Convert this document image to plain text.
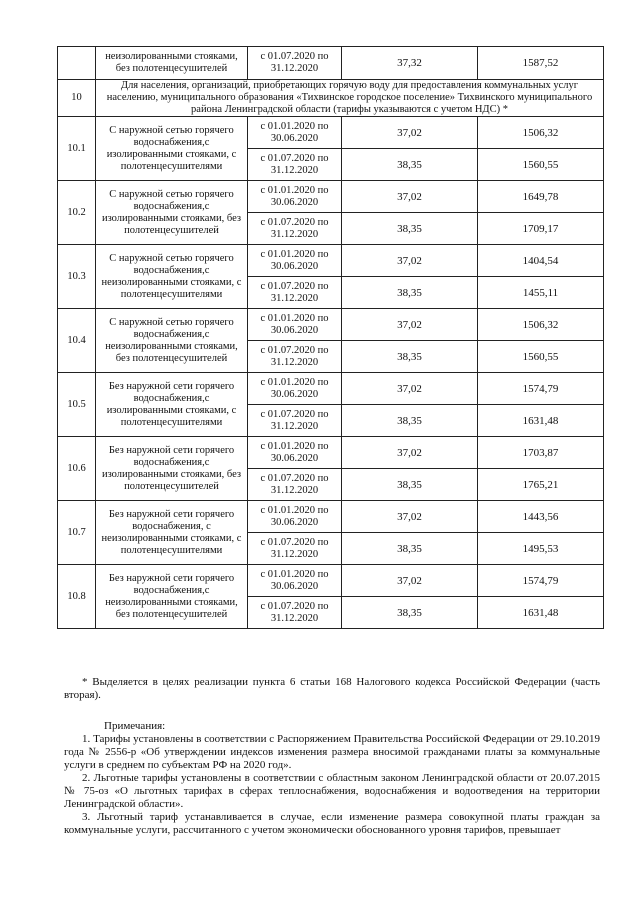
	неизолированными стояками, без полотенцесушителей	с 01.07.2020 по 31.12.2020	37,32	1587,52
10	Для населения, организаций, приобретающих горячую воду для предоставления коммунальных услуг населению, муниципального образования «Тихвинское городское поселение» Тихвинского муниципального района Ленинградской области (тарифы указываются с учетом НДС) *			
10.1	С наружной сетью горячего водоснабжения,с изолированными стояками, с полотенцесушителями	с 01.01.2020 по 30.06.2020	37,02	1506,32
		с 01.07.2020 по 31.12.2020	38,35	1560,55
10.2	С наружной сетью горячего водоснабжения,с изолированными стояками, без полотенцесушителей	с 01.01.2020 по 30.06.2020	37,02	1649,78
		с 01.07.2020 по 31.12.2020	38,35	1709,17
10.3	С наружной сетью горячего водоснабжения,с неизолированными стояками, с полотенцесушителями	с 01.01.2020 по 30.06.2020	37,02	1404,54
		с 01.07.2020 по 31.12.2020	38,35	1455,11
10.4	С наружной сетью горячего водоснабжения,с неизолированными стояками, без полотенцесушителей	с 01.01.2020 по 30.06.2020	37,02	1506,32
		с 01.07.2020 по 31.12.2020	38,35	1560,55
10.5	Без наружной сети горячего водоснабжения,с изолированными стояками, с полотенцесушителями	с 01.01.2020 по 30.06.2020	37,02	1574,79
		с 01.07.2020 по 31.12.2020	38,35	1631,48
10.6	Без наружной сети горячего водоснабжения,с изолированными стояками, без полотенцесушителей	с 01.01.2020 по 30.06.2020	37,02	1703,87
		с 01.07.2020 по 31.12.2020	38,35	1765,21
10.7	Без наружной сети горячего водоснабжения, с неизолированными стояками, с полотенцесушителями	с 01.01.2020 по 30.06.2020	37,02	1443,56
		с 01.07.2020 по 31.12.2020	38,35	1495,53
10.8	Без наружной сети горячего водоснабжения,с неизолированными стояками, без полотенцесушителей	с 01.01.2020 по 30.06.2020	37,02	1574,79
		с 01.07.2020 по 31.12.2020	38,35	1631,48

* Выделяется в целях реализации пункта 6 статьи 168 Налогового кодекса Российской Федерации (часть вторая).

Примечания:

1. Тарифы установлены в соответствии с Распоряжением Правительства Российской Федерации от 29.10.2019 года № 2556-р «Об утверждении индексов изменения размера вносимой гражданами платы за коммунальные услуги в среднем по субъектам РФ на 2020 год».

2. Льготные тарифы установлены в соответствии с областным законом Ленинградской области от 20.07.2015 № 75-оз «О льготных тарифах в сферах теплоснабжения, водоснабжения и водоотведения на территории Ленинградской области».

3. Льготный тариф устанавливается в случае, если изменение размера совокупной платы граждан за коммунальные услуги, рассчитанного с учетом экономически обоснованного уровня тарифов, превышает
